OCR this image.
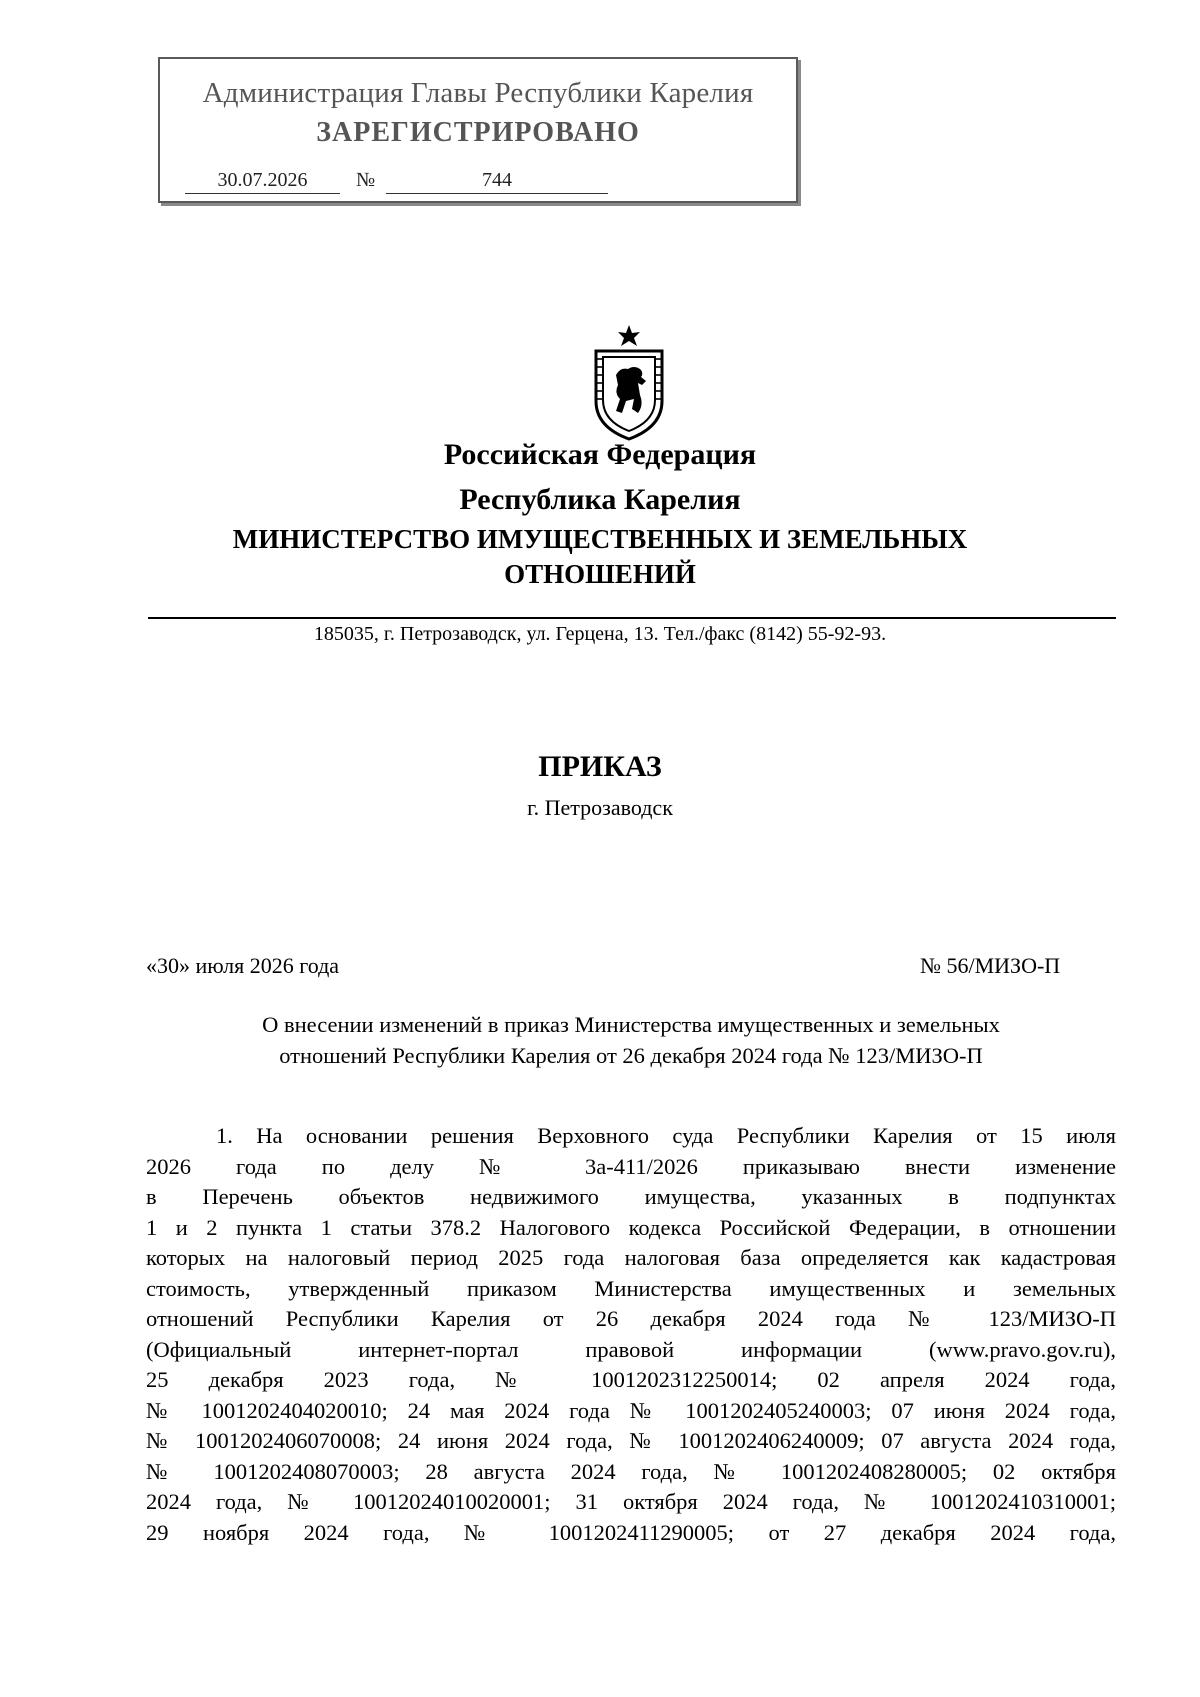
Администрация Главы Республики Карелия
ЗАРЕГИСТРИРОВАНО
30.07.2026	№	744
Российская Федерация
Республика Карелия
МИНИСТЕРСТВО ИМУЩЕСТВЕННЫХ И ЗЕМЕЛЬНЫХ
ОТНОШЕНИЙ
185035, г. Петрозаводск, ул. Герцена, 13. Тел./факс (8142) 55-92-93.
ПРИКАЗ
г. Петрозаводск
«30» июля 2026 года	№ 56/МИЗО-П
О внесении изменений в приказ Министерства имущественных и земельных
отношений Республики Карелия от 26 декабря 2024 года № 123/МИЗО-П
1. На основании решения Верховного суда Республики Карелия от 15 июля
2026 года по делу № 3а-411/2026 приказываю внести изменение
в Перечень объектов недвижимого имущества, указанных в подпунктах
1 и 2 пункта 1 статьи 378.2 Налогового кодекса Российской Федерации, в отношении
которых на налоговый период 2025 года налоговая база определяется как кадастровая
стоимость, утвержденный приказом Министерства имущественных и земельных
отношений Республики Карелия от 26 декабря 2024 года № 123/МИЗО-П
(Официальный интернет-портал правовой информации (www.pravo.gov.ru),
25 декабря 2023 года, № 1001202312250014; 02 апреля 2024 года,
№ 1001202404020010; 24 мая 2024 года № 1001202405240003; 07 июня 2024 года,
№ 1001202406070008; 24 июня 2024 года, № 1001202406240009; 07 августа 2024 года,
№ 1001202408070003; 28 августа 2024 года, № 1001202408280005; 02 октября
2024 года, № 10012024010020001; 31 октября 2024 года, № 1001202410310001;
29 ноября 2024 года, № 1001202411290005; от 27 декабря 2024 года,
